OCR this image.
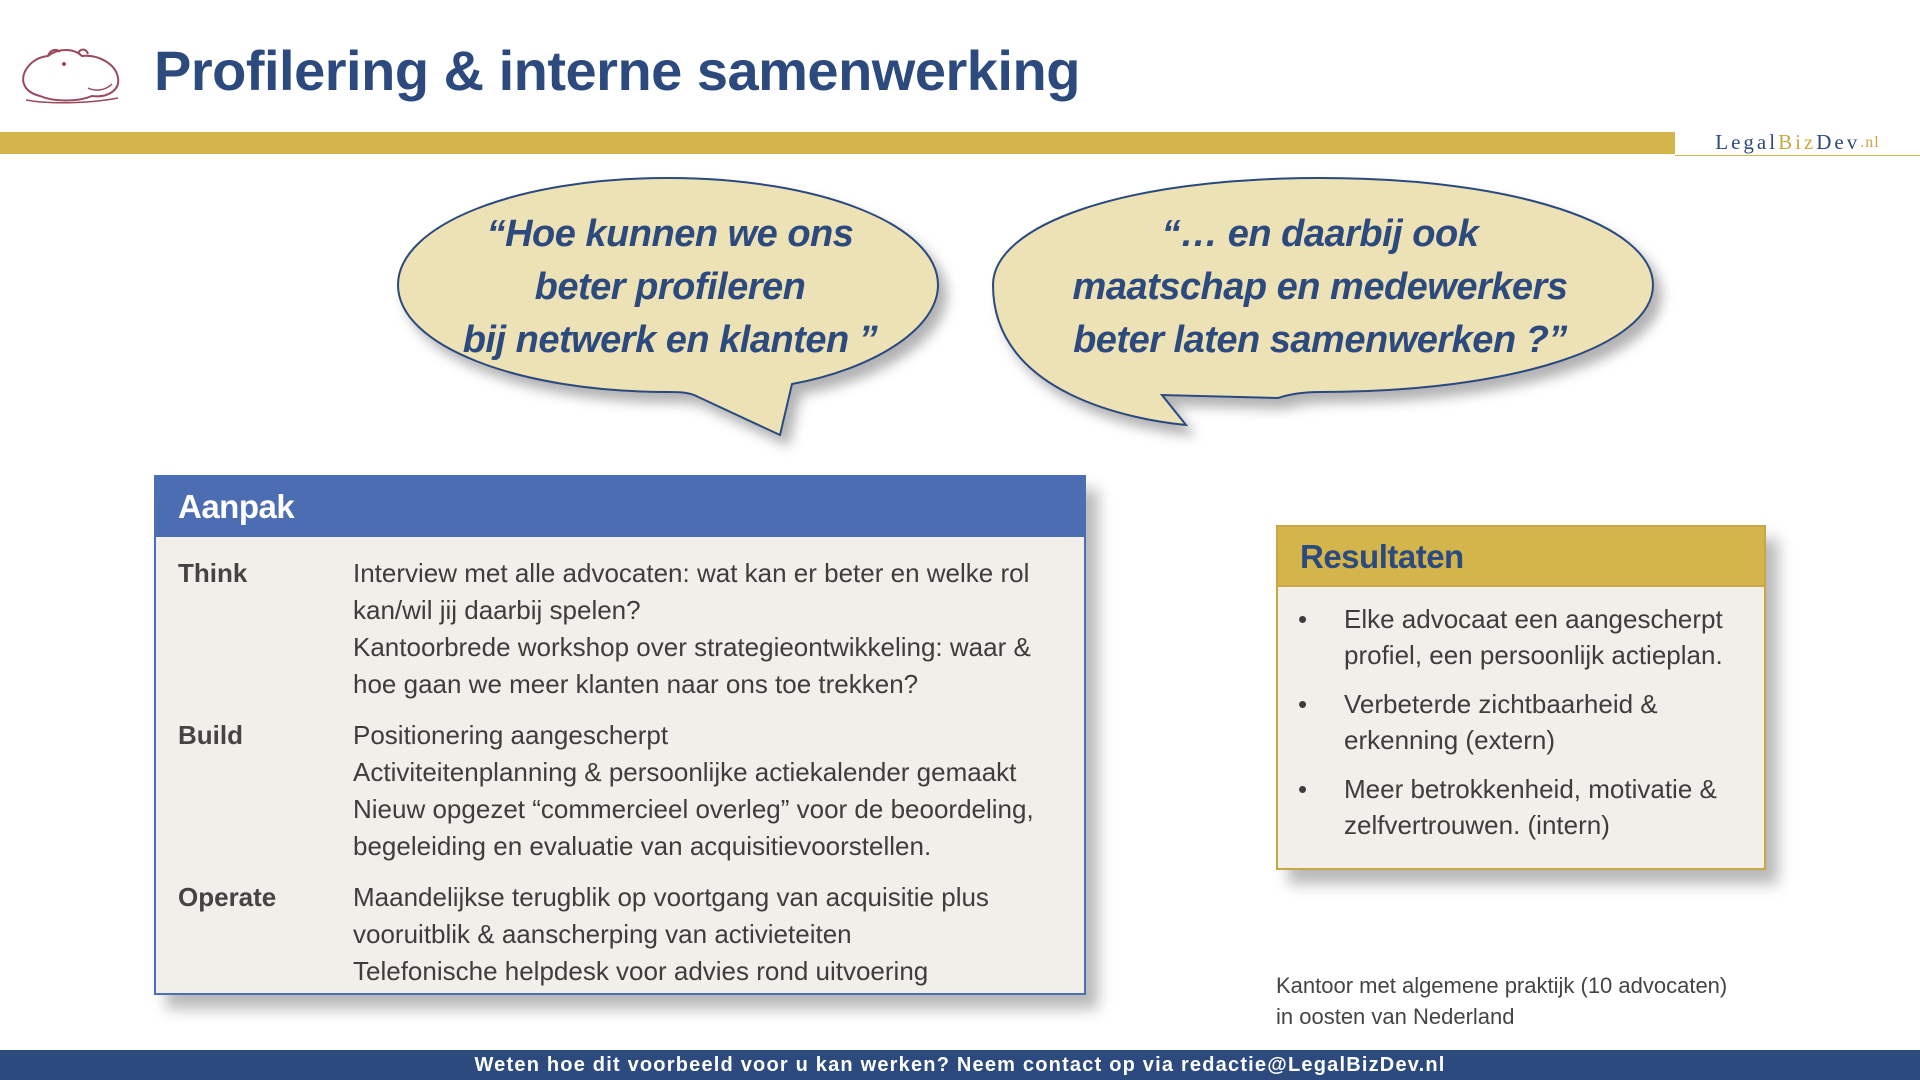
Profilering & interne samenwerking
Legal Biz Dev .nl
“Hoe kunnen we ons
beter profileren
bij netwerk en klanten ”
“… en daarbij ook
maatschap en medewerkers
beter laten samenwerken ?”
Aanpak
Think	Interview met alle advocaten: wat kan er beter en welke rol
kan/wil jij daarbij spelen?
Kantoorbrede workshop over strategieontwikkeling: waar &
hoe gaan we meer klanten naar ons toe trekken?
Build	Positionering aangescherpt
Activiteitenplanning & persoonlijke actiekalender gemaakt
Nieuw opgezet “commercieel overleg” voor de beoordeling,
begeleiding en evaluatie van acquisitievoorstellen.
Operate	Maandelijkse terugblik op voortgang van acquisitie plus
vooruitblik & aanscherping van activieteiten
Telefonische helpdesk voor advies rond uitvoering
Resultaten
•	Elke advocaat een aangescherpt
profiel, een persoonlijk actieplan.
•	Verbeterde zichtbaarheid &
erkenning (extern)
•	Meer betrokkenheid, motivatie &
zelfvertrouwen. (intern)
Kantoor met algemene praktijk (10 advocaten)
in oosten van Nederland
Weten hoe dit voorbeeld voor u kan werken? Neem contact op via redactie@LegalBizDev.nl
